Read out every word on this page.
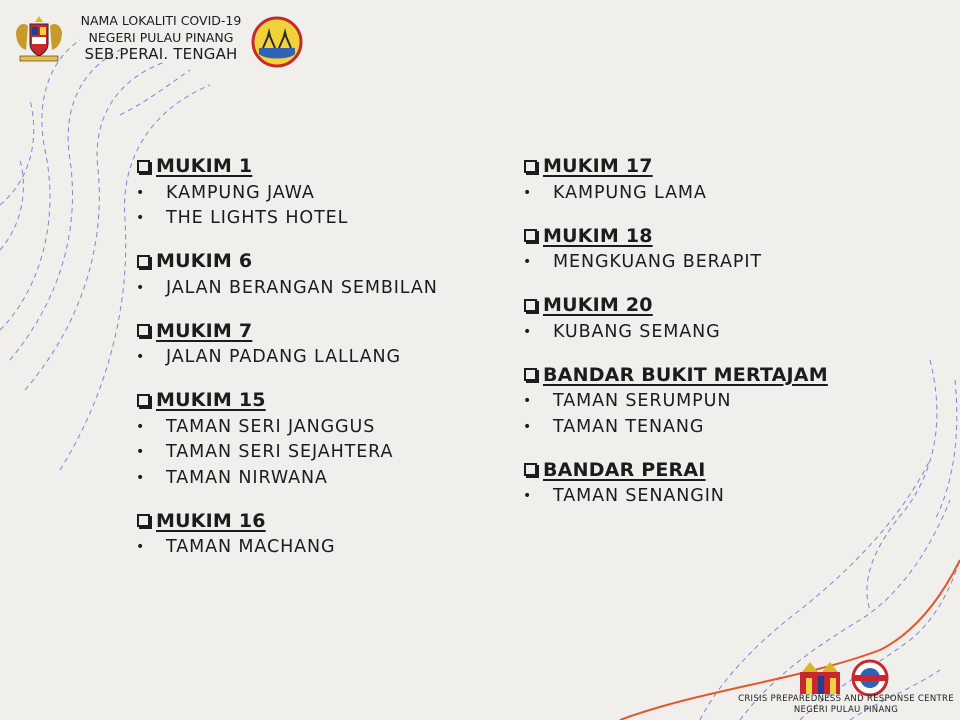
NAMA LOKALITI COVID-19
NEGERI PULAU PINANG
SEB.PERAI. TENGAH
MUKIM 1
•	KAMPUNG JAWA
•	THE LIGHTS HOTEL
MUKIM 6
•	JALAN BERANGAN SEMBILAN
MUKIM 7
•	JALAN PADANG LALLANG
MUKIM 15
•	TAMAN SERI JANGGUS
•	TAMAN SERI SEJAHTERA
•	TAMAN NIRWANA
MUKIM 16
•	TAMAN MACHANG
MUKIM 17
•	KAMPUNG LAMA
MUKIM 18
•	MENGKUANG BERAPIT
MUKIM 20
•	KUBANG SEMANG
BANDAR BUKIT MERTAJAM
•	TAMAN SERUMPUN
•	TAMAN TENANG
BANDAR PERAI
•	TAMAN SENANGIN
CRISIS PREPAREDNESS AND RESPONSE CENTRE
NEGERI PULAU PINANG
